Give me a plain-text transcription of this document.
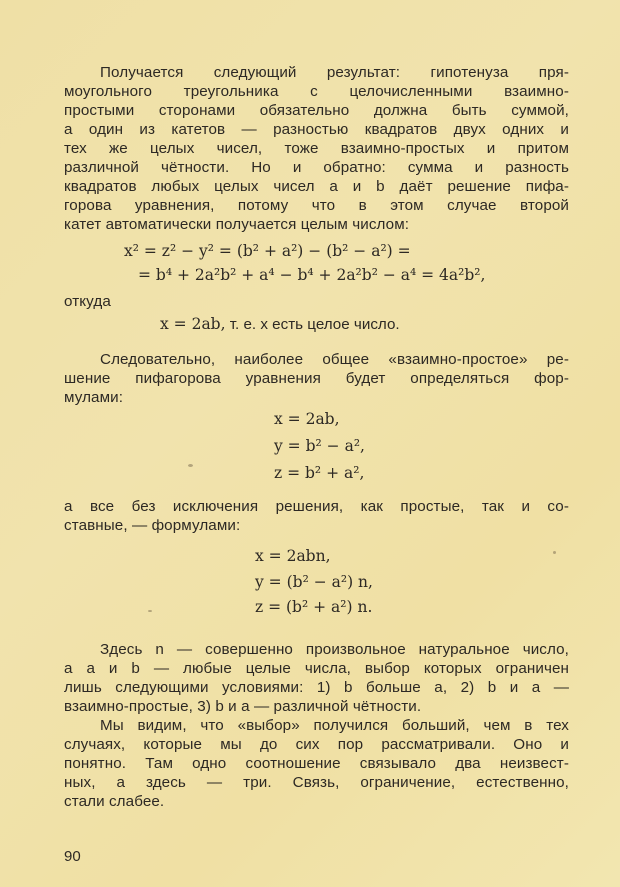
Получается следующий результат: гипотенуза пря-
моугольного треугольника с целочисленными взаимно-
простыми сторонами обязательно должна быть суммой,
а один из катетов — разностью квадратов двух одних и
тех же целых чисел, тоже взаимно-простых и притом
различной чётности. Но и обратно: сумма и разность
квадратов любых целых чисел a и b даёт решение пифа-
горова уравнения, потому что в этом случае второй
катет автоматически получается целым числом:
x² = z² − y² = (b² + a²) − (b² − a²) =
= b⁴ + 2a²b² + a⁴ − b⁴ + 2a²b² − a⁴ = 4a²b²,
откуда
x = 2ab, т. е. x есть целое число.
Следовательно, наиболее общее «взаимно-простое» ре-
шение пифагорова уравнения будет определяться фор-
мулами:
x = 2ab,
y = b² − a²,
z = b² + a²,
а все без исключения решения, как простые, так и со-
ставные, — формулами:
x = 2abn,
y = (b² − a²) n,
z = (b² + a²) n.
Здесь n — совершенно произвольное натуральное число,
а a и b — любые целые числа, выбор которых ограничен
лишь следующими условиями: 1) b больше a, 2) b и a —
взаимно-простые, 3) b и a — различной чётности.
Мы видим, что «выбор» получился больший, чем в тех
случаях, которые мы до сих пор рассматривали. Оно и
понятно. Там одно соотношение связывало два неизвест-
ных, а здесь — три. Связь, ограничение, естественно,
стали слабее.
90
